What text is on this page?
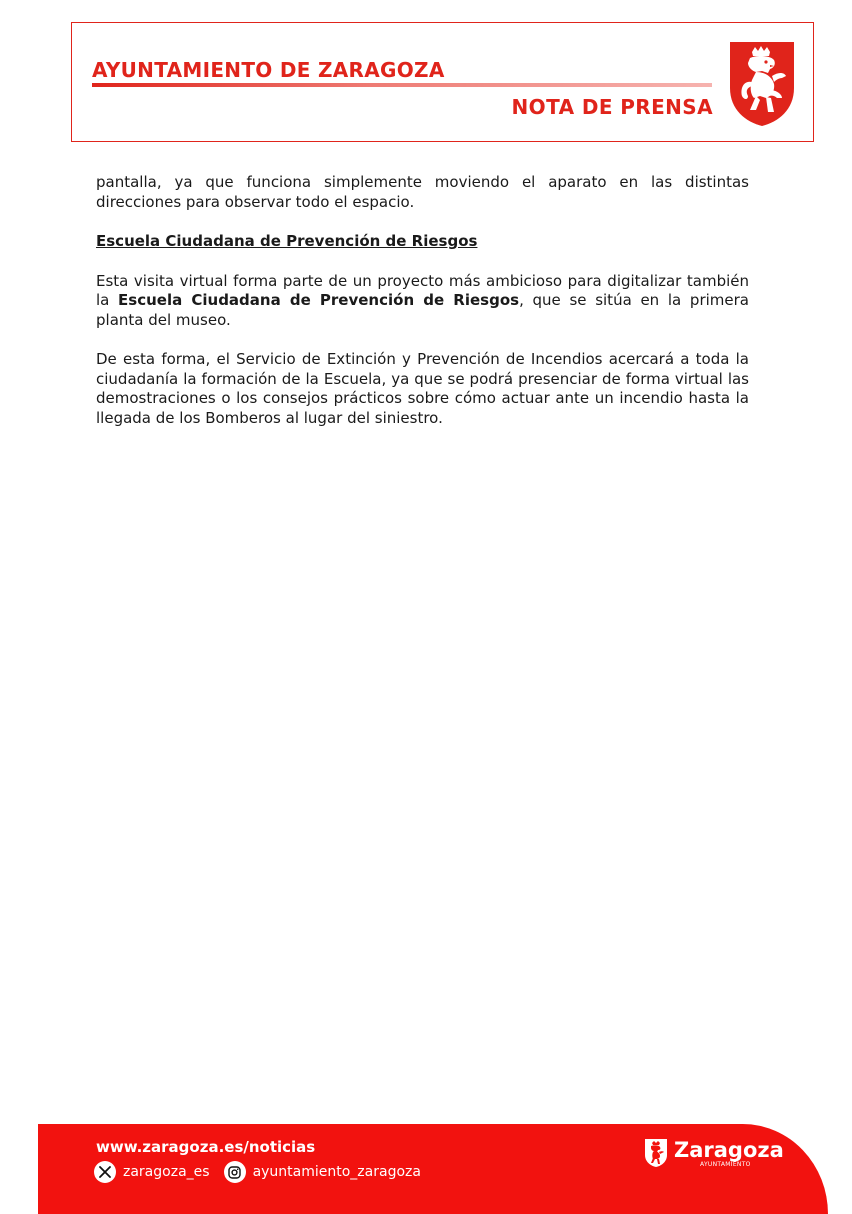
AYUNTAMIENTO DE ZARAGOZA
NOTA DE PRENSA

pantalla, ya que funciona simplemente moviendo el aparato en las distintas direcciones para observar todo el espacio.

Escuela Ciudadana de Prevención de Riesgos

Esta visita virtual forma parte de un proyecto más ambicioso para digitalizar también la Escuela Ciudadana de Prevención de Riesgos, que se sitúa en la primera planta del museo.

De esta forma, el Servicio de Extinción y Prevención de Incendios acercará a toda la ciudadanía la formación de la Escuela, ya que se podrá presenciar de forma virtual las demostraciones o los consejos prácticos sobre cómo actuar ante un incendio hasta la llegada de los Bomberos al lugar del siniestro.

www.zaragoza.es/noticias
zaragoza_es	ayuntamiento_zaragoza
Zaragoza
AYUNTAMIENTO
